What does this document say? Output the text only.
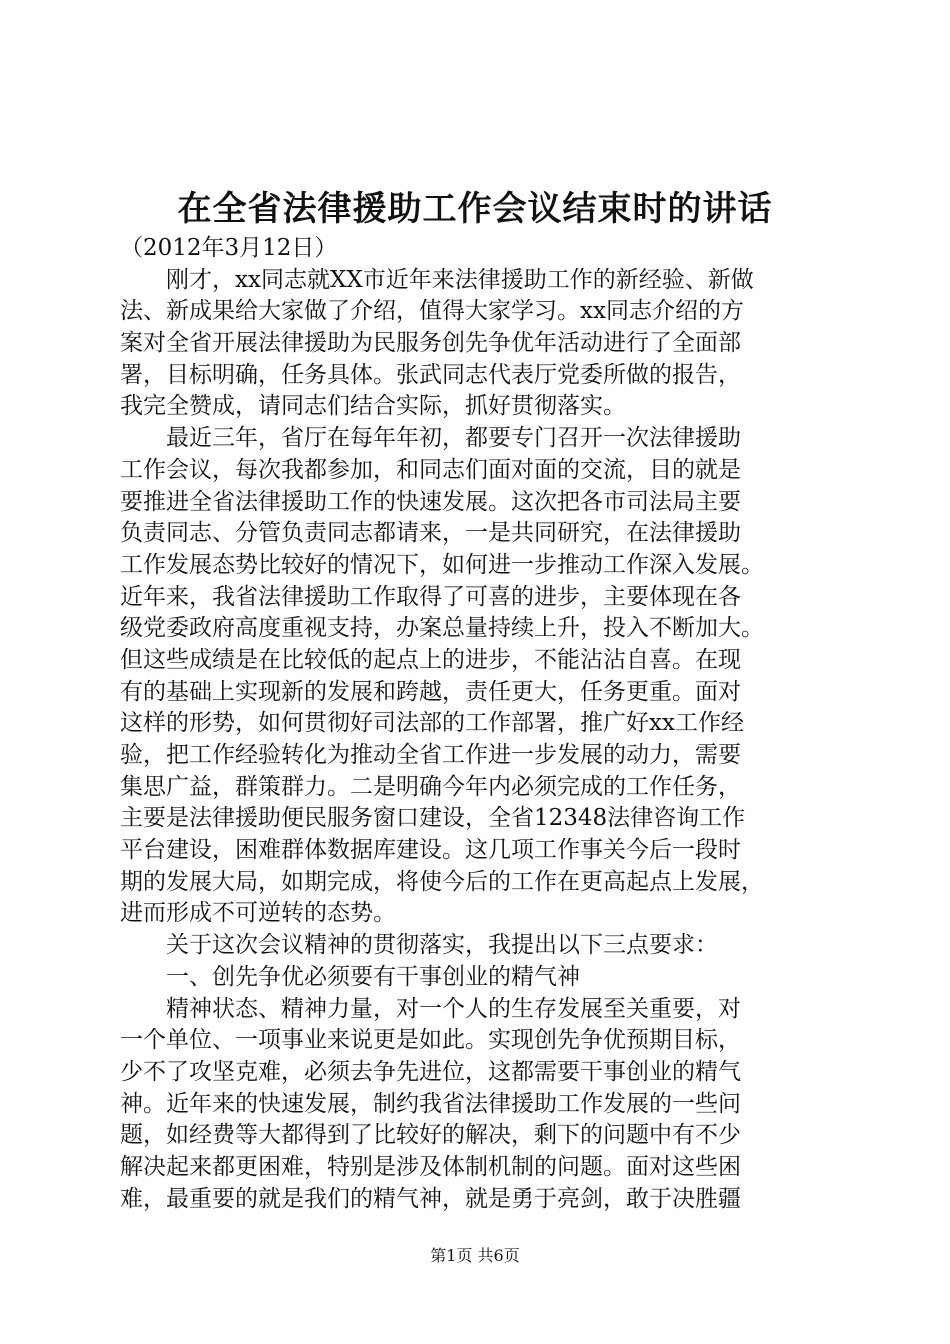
在全省法律援助工作会议结束时的讲话
（2012年3月12日）
　　刚才，xx同志就XX市近年来法律援助工作的新经验、新做
法、新成果给大家做了介绍，值得大家学习。xx同志介绍的方
案对全省开展法律援助为民服务创先争优年活动进行了全面部
署，目标明确，任务具体。张武同志代表厅党委所做的报告，
我完全赞成，请同志们结合实际，抓好贯彻落实。
　　最近三年，省厅在每年年初，都要专门召开一次法律援助
工作会议，每次我都参加，和同志们面对面的交流，目的就是
要推进全省法律援助工作的快速发展。这次把各市司法局主要
负责同志、分管负责同志都请来，一是共同研究，在法律援助
工作发展态势比较好的情况下，如何进一步推动工作深入发展。
近年来，我省法律援助工作取得了可喜的进步，主要体现在各
级党委政府高度重视支持，办案总量持续上升，投入不断加大。
但这些成绩是在比较低的起点上的进步，不能沾沾自喜。在现
有的基础上实现新的发展和跨越，责任更大，任务更重。面对
这样的形势，如何贯彻好司法部的工作部署，推广好xx工作经
验，把工作经验转化为推动全省工作进一步发展的动力，需要
集思广益，群策群力。二是明确今年内必须完成的工作任务，
主要是法律援助便民服务窗口建设，全省12348法律咨询工作
平台建设，困难群体数据库建设。这几项工作事关今后一段时
期的发展大局，如期完成，将使今后的工作在更高起点上发展，
进而形成不可逆转的态势。
　　关于这次会议精神的贯彻落实，我提出以下三点要求：
　　一、创先争优必须要有干事创业的精气神
　　精神状态、精神力量，对一个人的生存发展至关重要，对
一个单位、一项事业来说更是如此。实现创先争优预期目标，
少不了攻坚克难，必须去争先进位，这都需要干事创业的精气
神。近年来的快速发展，制约我省法律援助工作发展的一些问
题，如经费等大都得到了比较好的解决，剩下的问题中有不少
解决起来都更困难，特别是涉及体制机制的问题。面对这些困
难，最重要的就是我们的精气神，就是勇于亮剑，敢于决胜疆
第1页 共6页
